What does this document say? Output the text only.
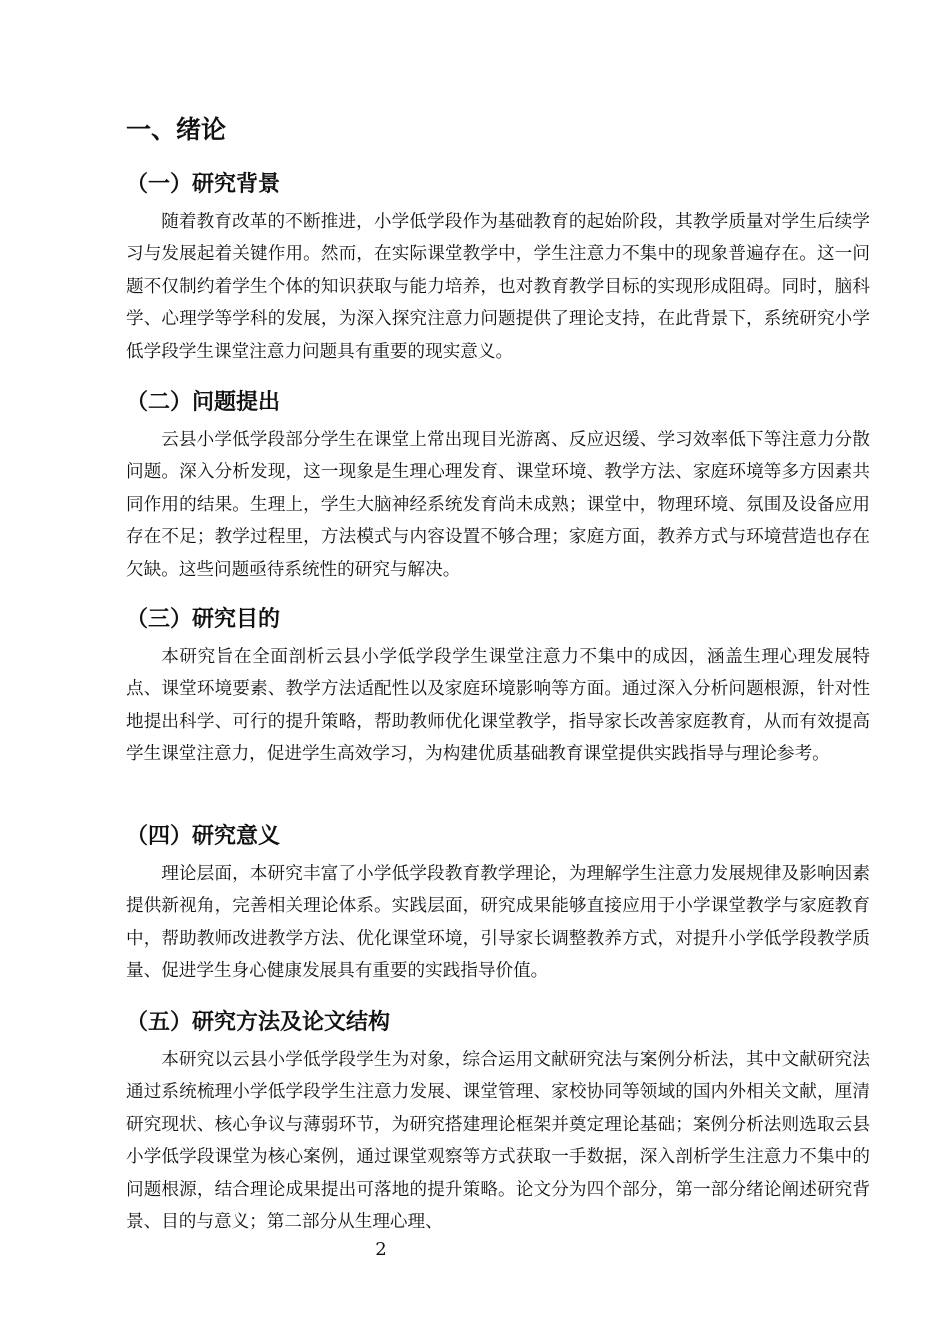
一、绪论
（一）研究背景

随着教育改革的不断推进，小学低学段作为基础教育的起始阶段，其教学质量对学生后续学习与发展起着关键作用。然而，在实际课堂教学中，学生注意力不集中的现象普遍存在。这一问题不仅制约着学生个体的知识获取与能力培养，也对教育教学目标的实现形成阻碍。同时，脑科学、心理学等学科的发展，为深入探究注意力问题提供了理论支持，在此背景下，系统研究小学低学段学生课堂注意力问题具有重要的现实意义。

（二）问题提出

云县小学低学段部分学生在课堂上常出现目光游离、反应迟缓、学习效率低下等注意力分散问题。深入分析发现，这一现象是生理心理发育、课堂环境、教学方法、家庭环境等多方因素共同作用的结果。生理上，学生大脑神经系统发育尚未成熟；课堂中，物理环境、氛围及设备应用存在不足；教学过程里，方法模式与内容设置不够合理；家庭方面，教养方式与环境营造也存在欠缺。这些问题亟待系统性的研究与解决。

（三）研究目的

本研究旨在全面剖析云县小学低学段学生课堂注意力不集中的成因，涵盖生理心理发展特点、课堂环境要素、教学方法适配性以及家庭环境影响等方面。通过深入分析问题根源，针对性地提出科学、可行的提升策略，帮助教师优化课堂教学，指导家长改善家庭教育，从而有效提高学生课堂注意力，促进学生高效学习，为构建优质基础教育课堂提供实践指导与理论参考。

（四）研究意义

理论层面，本研究丰富了小学低学段教育教学理论，为理解学生注意力发展规律及影响因素提供新视角，完善相关理论体系。实践层面，研究成果能够直接应用于小学课堂教学与家庭教育中，帮助教师改进教学方法、优化课堂环境，引导家长调整教养方式，对提升小学低学段教学质量、促进学生身心健康发展具有重要的实践指导价值。

（五）研究方法及论文结构

本研究以云县小学低学段学生为对象，综合运用文献研究法与案例分析法，其中文献研究法通过系统梳理小学低学段学生注意力发展、课堂管理、家校协同等领域的国内外相关文献，厘清研究现状、核心争议与薄弱环节，为研究搭建理论框架并奠定理论基础；案例分析法则选取云县小学低学段课堂为核心案例，通过课堂观察等方式获取一手数据，深入剖析学生注意力不集中的问题根源，结合理论成果提出可落地的提升策略。论文分为四个部分，第一部分绪论阐述研究背景、目的与意义；第二部分从生理心理、

2
